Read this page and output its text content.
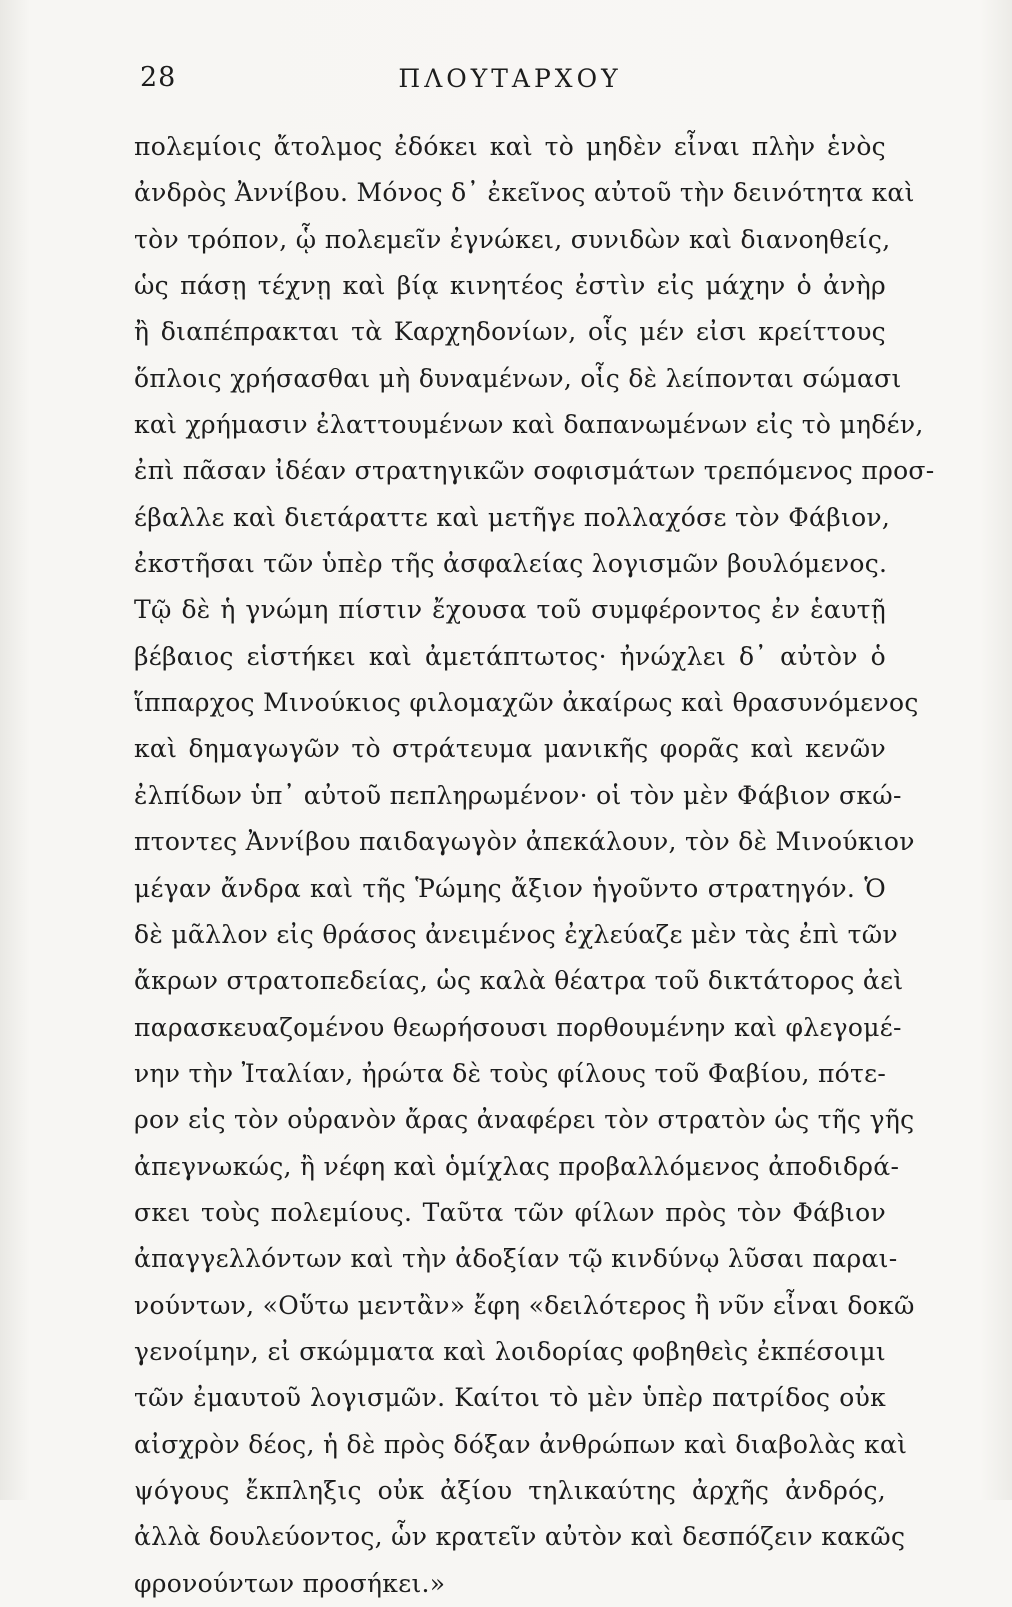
28	ΠΛΟΥΤΑΡΧΟΥ
πολεμίοις ἄτολμος ἐδόκει καὶ τὸ μηδὲν εἶναι πλὴν ἑνὸς
ἀνδρὸς Ἀννίβου. Μόνος δ᾽ ἐκεῖνος αὐτοῦ τὴν δεινότητα καὶ
τὸν τρόπον, ᾧ πολεμεῖν ἐγνώκει, συνιδὼν καὶ διανοηθείς,
ὡς πάσῃ τέχνῃ καὶ βίᾳ κινητέος ἐστὶν εἰς μάχην ὁ ἀνὴρ
ἢ διαπέπρακται τὰ Καρχηδονίων, οἷς μέν εἰσι κρείττους
ὅπλοις χρήσασθαι μὴ δυναμένων, οἷς δὲ λείπονται σώμασι
καὶ χρήμασιν ἐλαττουμένων καὶ δαπανωμένων εἰς τὸ μηδέν,
ἐπὶ πᾶσαν ἰδέαν στρατηγικῶν σοφισμάτων τρεπόμενος προσ-
έβαλλε καὶ διετάραττε καὶ μετῆγε πολλαχόσε τὸν Φάβιον,
ἐκστῆσαι τῶν ὑπὲρ τῆς ἀσφαλείας λογισμῶν βουλόμενος.
Τῷ δὲ ἡ γνώμη πίστιν ἔχουσα τοῦ συμφέροντος ἐν ἑαυτῇ
βέβαιος εἱστήκει καὶ ἀμετάπτωτος· ἠνώχλει δ᾽ αὐτὸν ὁ
ἵππαρχος Μινούκιος φιλομαχῶν ἀκαίρως καὶ θρασυνόμενος
καὶ δημαγωγῶν τὸ στράτευμα μανικῆς φορᾶς καὶ κενῶν
ἐλπίδων ὑπ᾽ αὐτοῦ πεπληρωμένον· οἱ τὸν μὲν Φάβιον σκώ-
πτοντες Ἀννίβου παιδαγωγὸν ἀπεκάλουν, τὸν δὲ Μινούκιον
μέγαν ἄνδρα καὶ τῆς Ῥώμης ἄξιον ἡγοῦντο στρατηγόν. Ὁ
δὲ μᾶλλον εἰς θράσος ἀνειμένος ἐχλεύαζε μὲν τὰς ἐπὶ τῶν
ἄκρων στρατοπεδείας, ὡς καλὰ θέατρα τοῦ δικτάτορος ἀεὶ
παρασκευαζομένου θεωρήσουσι πορθουμένην καὶ φλεγομέ-
νην τὴν Ἰταλίαν, ἠρώτα δὲ τοὺς φίλους τοῦ Φαβίου, πότε-
ρον εἰς τὸν οὐρανὸν ἄρας ἀναφέρει τὸν στρατὸν ὡς τῆς γῆς
ἀπεγνωκώς, ἢ νέφη καὶ ὁμίχλας προβαλλόμενος ἀποδιδρά-
σκει τοὺς πολεμίους. Ταῦτα τῶν φίλων πρὸς τὸν Φάβιον
ἀπαγγελλόντων καὶ τὴν ἀδοξίαν τῷ κινδύνῳ λῦσαι παραι-
νούντων, «Οὕτω μεντἂν» ἔφη «δειλότερος ἢ νῦν εἶναι δοκῶ
γενοίμην, εἰ σκώμματα καὶ λοιδορίας φοβηθεὶς ἐκπέσοιμι
τῶν ἐμαυτοῦ λογισμῶν. Καίτοι τὸ μὲν ὑπὲρ πατρίδος οὐκ
αἰσχρὸν δέος, ἡ δὲ πρὸς δόξαν ἀνθρώπων καὶ διαβολὰς καὶ
ψόγους ἔκπληξις οὐκ ἀξίου τηλικαύτης ἀρχῆς ἀνδρός,
ἀλλὰ δουλεύοντος, ὧν κρατεῖν αὐτὸν καὶ δεσπόζειν κακῶς
φρονούντων προσήκει.»
